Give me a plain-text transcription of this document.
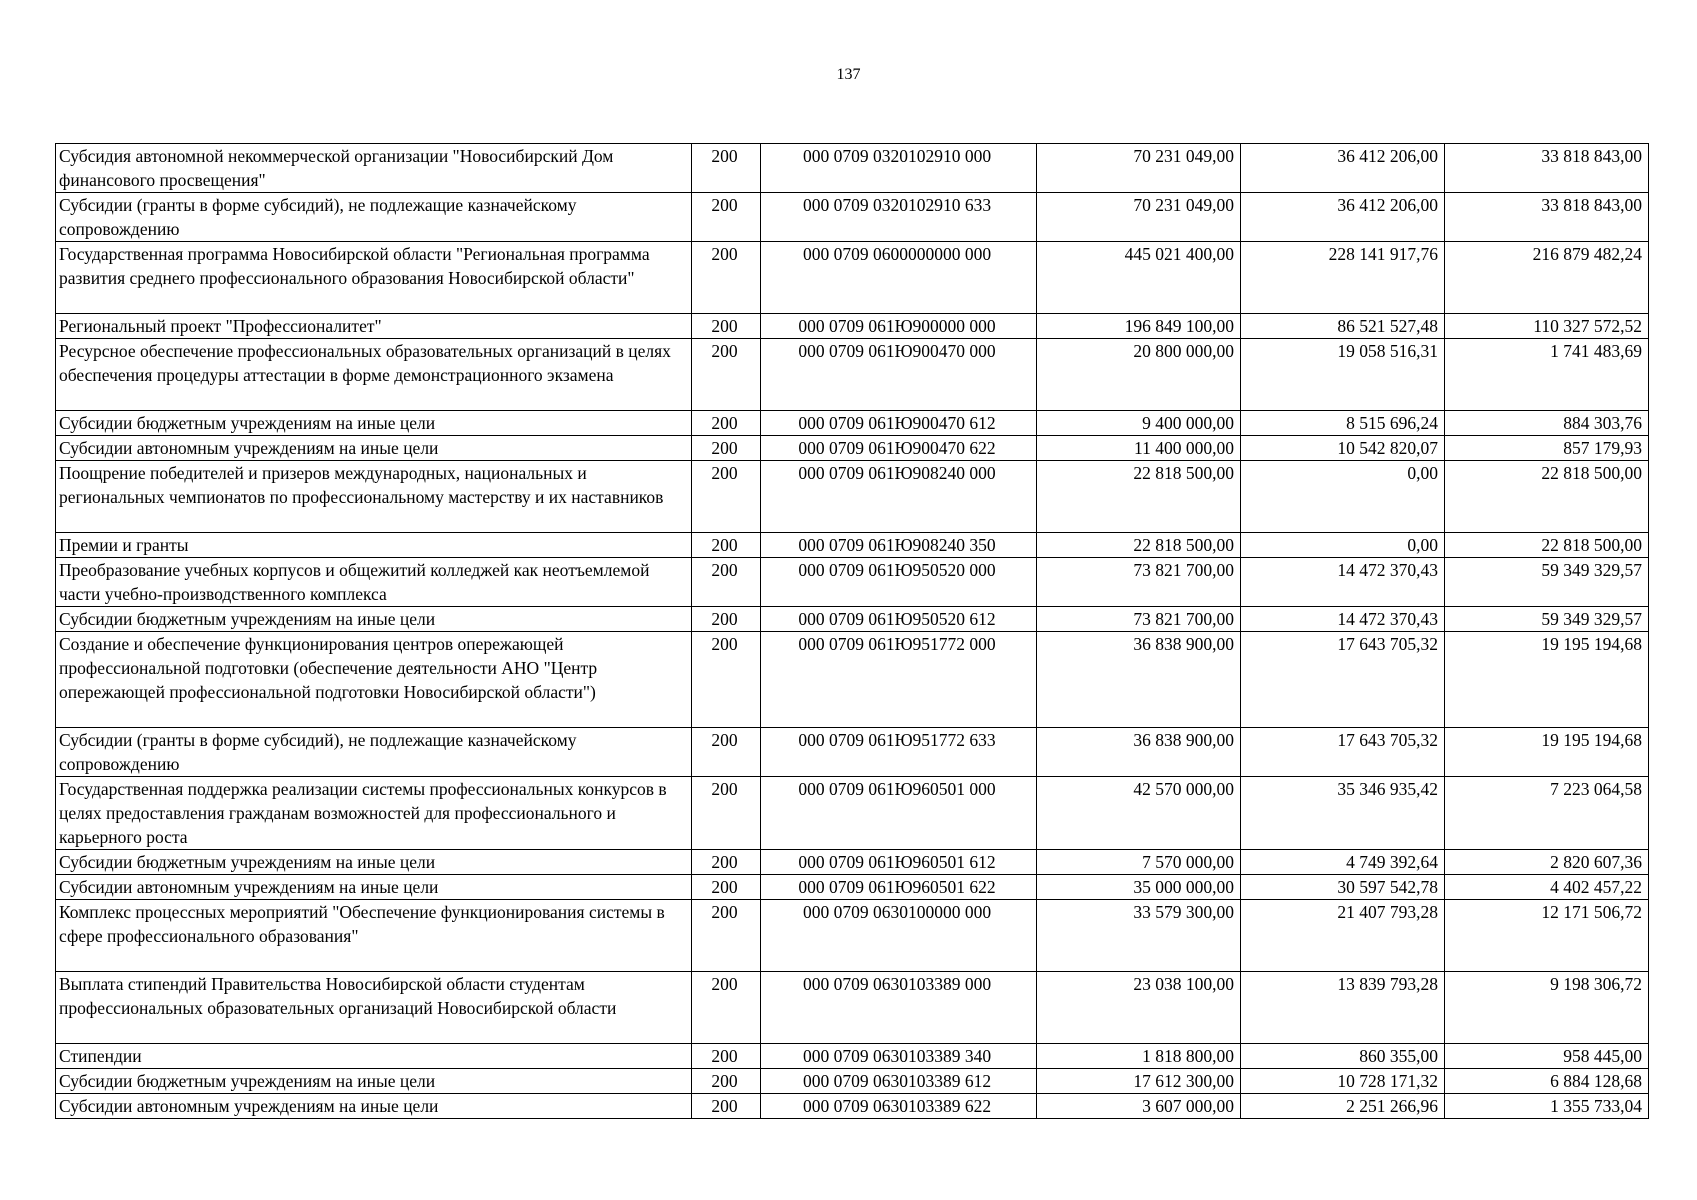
137
Субсидия автономной некоммерческой организации "Новосибирский Дом финансового просвещения"	200	000 0709 0320102910 000	70 231 049,00	36 412 206,00	33 818 843,00
Субсидии (гранты в форме субсидий), не подлежащие казначейскому сопровождению	200	000 0709 0320102910 633	70 231 049,00	36 412 206,00	33 818 843,00
Государственная программа Новосибирской области "Региональная программа развития среднего профессионального образования Новосибирской области"	200	000 0709 0600000000 000	445 021 400,00	228 141 917,76	216 879 482,24
Региональный проект "Профессионалитет"	200	000 0709 061Ю900000 000	196 849 100,00	86 521 527,48	110 327 572,52
Ресурсное обеспечение профессиональных образовательных организаций в целях обеспечения процедуры аттестации в форме демонстрационного экзамена	200	000 0709 061Ю900470 000	20 800 000,00	19 058 516,31	1 741 483,69
Субсидии бюджетным учреждениям на иные цели	200	000 0709 061Ю900470 612	9 400 000,00	8 515 696,24	884 303,76
Субсидии автономным учреждениям на иные цели	200	000 0709 061Ю900470 622	11 400 000,00	10 542 820,07	857 179,93
Поощрение победителей и призеров международных, национальных и региональных чемпионатов по профессиональному мастерству и их наставников	200	000 0709 061Ю908240 000	22 818 500,00	0,00	22 818 500,00
Премии и гранты	200	000 0709 061Ю908240 350	22 818 500,00	0,00	22 818 500,00
Преобразование учебных корпусов и общежитий колледжей как неотъемлемой части учебно-производственного комплекса	200	000 0709 061Ю950520 000	73 821 700,00	14 472 370,43	59 349 329,57
Субсидии бюджетным учреждениям на иные цели	200	000 0709 061Ю950520 612	73 821 700,00	14 472 370,43	59 349 329,57
Создание и обеспечение функционирования центров опережающей профессиональной подготовки (обеспечение деятельности АНО "Центр опережающей профессиональной подготовки Новосибирской области")	200	000 0709 061Ю951772 000	36 838 900,00	17 643 705,32	19 195 194,68
Субсидии (гранты в форме субсидий), не подлежащие казначейскому сопровождению	200	000 0709 061Ю951772 633	36 838 900,00	17 643 705,32	19 195 194,68
Государственная поддержка реализации системы профессиональных конкурсов в целях предоставления гражданам возможностей для профессионального и карьерного роста	200	000 0709 061Ю960501 000	42 570 000,00	35 346 935,42	7 223 064,58
Субсидии бюджетным учреждениям на иные цели	200	000 0709 061Ю960501 612	7 570 000,00	4 749 392,64	2 820 607,36
Субсидии автономным учреждениям на иные цели	200	000 0709 061Ю960501 622	35 000 000,00	30 597 542,78	4 402 457,22
Комплекс процессных мероприятий "Обеспечение функционирования системы в сфере профессионального образования"	200	000 0709 0630100000 000	33 579 300,00	21 407 793,28	12 171 506,72
Выплата стипендий Правительства Новосибирской области студентам профессиональных образовательных организаций Новосибирской области	200	000 0709 0630103389 000	23 038 100,00	13 839 793,28	9 198 306,72
Стипендии	200	000 0709 0630103389 340	1 818 800,00	860 355,00	958 445,00
Субсидии бюджетным учреждениям на иные цели	200	000 0709 0630103389 612	17 612 300,00	10 728 171,32	6 884 128,68
Субсидии автономным учреждениям на иные цели	200	000 0709 0630103389 622	3 607 000,00	2 251 266,96	1 355 733,04
